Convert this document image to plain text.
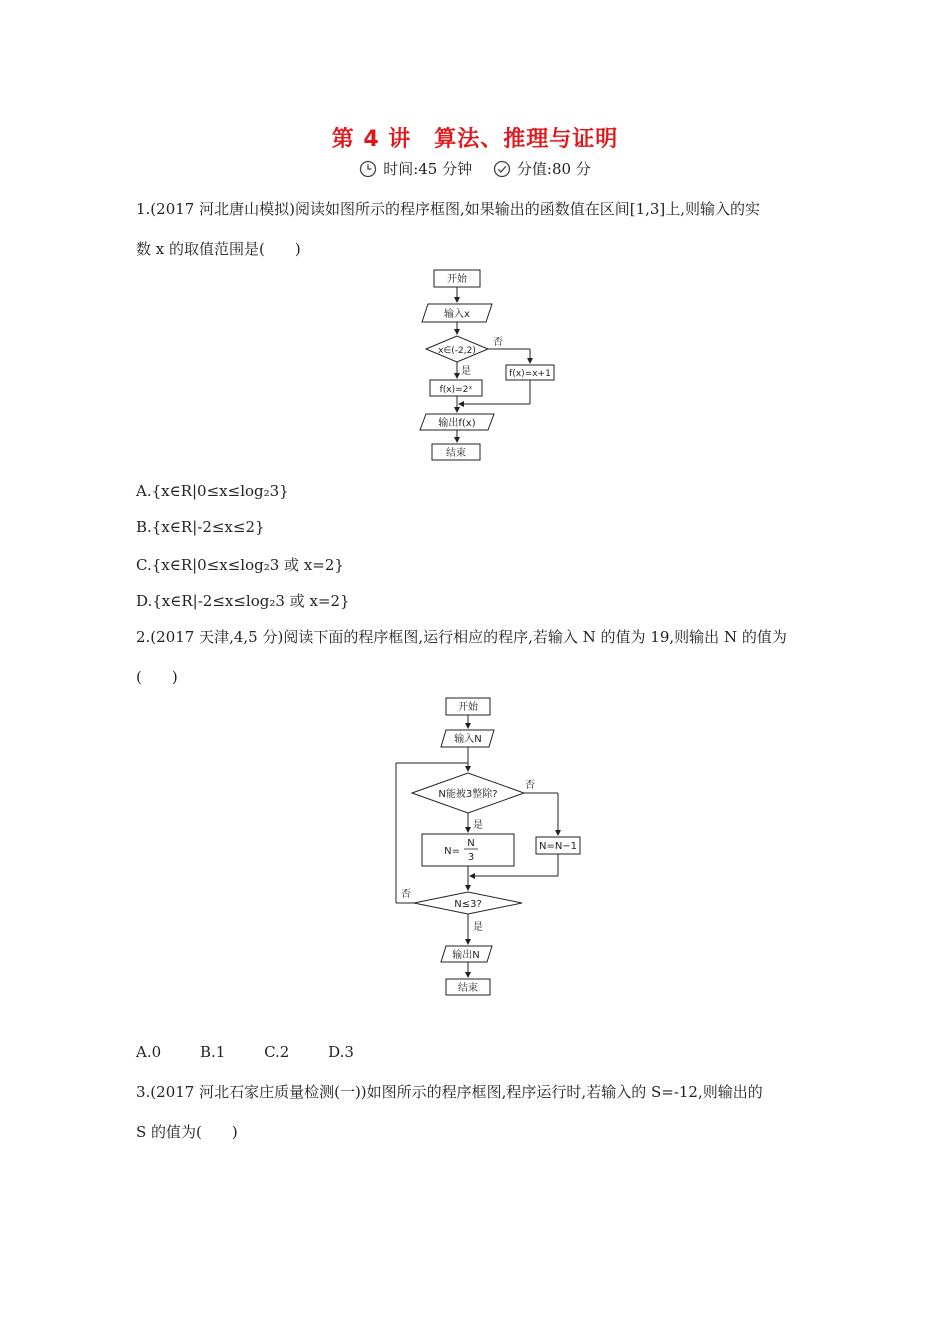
第 4 讲　算法、推理与证明
时间:45 分钟
	分值:80 分
1.(2017 河北唐山模拟)阅读如图所示的程序框图,如果输出的函数值在区间[1,3]上,则输入的实
数 x 的取值范围是(　　)
开始
输入x
x∈(-2,2)
否
是	f(x)=x+1
f(x)=2ˣ
输出f(x)
结束
A.{x∈R|0≤x≤log₂3}
B.{x∈R|-2≤x≤2}
C.{x∈R|0≤x≤log₂3 或 x=2}
D.{x∈R|-2≤x≤log₂3 或 x=2}
2.(2017 天津,4,5 分)阅读下面的程序框图,运行相应的程序,若输入 N 的值为 19,则输出 N 的值为
(　　)
开始
输入N
N能被3整除?
否
是
N=N−1
N=
N
3
N≤3?
否
是
输出N
结束
A.0	B.1	C.2	D.3
3.(2017 河北石家庄质量检测(一))如图所示的程序框图,程序运行时,若输入的 S=-12,则输出的
S 的值为(　　)
